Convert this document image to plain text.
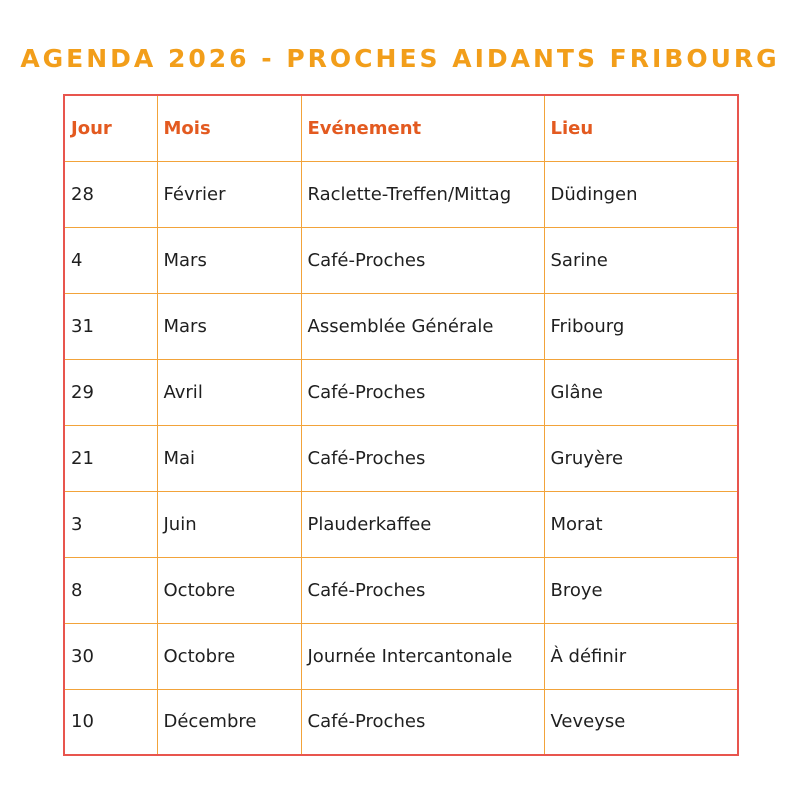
AGENDA 2026 - PROCHES AIDANTS FRIBOURG
Jour	Mois	Evénement	Lieu
28	Février	Raclette-Treffen/Mittag	Düdingen
4	Mars	Café-Proches	Sarine
31	Mars	Assemblée Générale	Fribourg
29	Avril	Café-Proches	Glâne
21	Mai	Café-Proches	Gruyère
3	Juin	Plauderkaffee	Morat
8	Octobre	Café-Proches	Broye
30	Octobre	Journée Intercantonale	À définir
10	Décembre	Café-Proches	Veveyse
